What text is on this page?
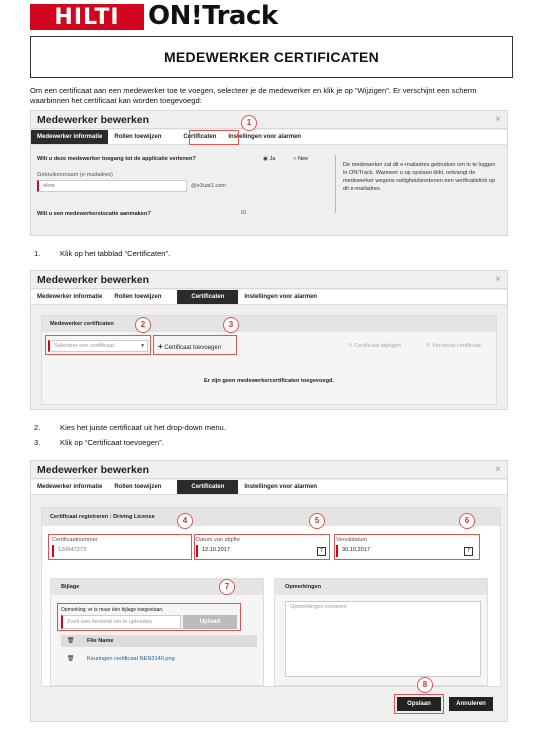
HILTI	ON!Track
MEDEWERKER CERTIFICATEN
Om een certificaat aan een medewerker toe te voegen, selecteer je de medewerker en klik je op “Wijzigen”. Er verschijnt een scherm waarbinnen het certificaat kan worden toegevoegd:
Medewerker bewerken	×
Medewerker informatie	Rollen toewijzen	Certificaten	Instellingen voor alarmen
1
Wilt u deze medewerker toegang tot de applicatie verlenen?	◉ Ja	○ Nee
Gebruikersnaam (e-mailadres)
eline	@e3uat1.com
Wilt u een medewerkerslocatie aanmaken?	☑
De medewerker zal dit e-mailadres gebruiken om in te loggen in ON!Track. Wanneer u op opslaan klikt, ontvangt de medewerker wegens veiligheidsredenen een verificatielink op dit e-mailadres.
1.	Klik op het tabblad “Certificaten”.
Medewerker bewerken	×
Medewerker informatie	Rollen toewijzen	Certificaten	Instellingen voor alarmen
Medewerker certificaten
Selecteer een certificaat	▾ + Certificaat toevoegen	✎ Certificaat wijzigen	↻ Vernieuw certificaat
Er zijn geen medewerkercertificaten toegevoegd.
2	3
2.	Kies het juiste certificaat uit het drop-down menu.
3.	Klik op “Certificaat toevoegen”.
Medewerker bewerken	×
Medewerker informatie	Rollen toewijzen	Certificaten	Instellingen voor alarmen
Certificaat registreren : Driving License
Certificaatnummer
120647273
Datum van afgifte
12.10.2017	7
Vervaldatum
30.10.2017	7
Bijlage
Opmerking: er is maar één bijlage toegestaan.
Zoek een bestand om te uploaden	Upload
🗑 File Name
🗑 Keuringen certificaat NEN3140.png
Opmerkingen
Opmerkingen invoeren
Opslaan	Annuleren
4	5	6
7
8
